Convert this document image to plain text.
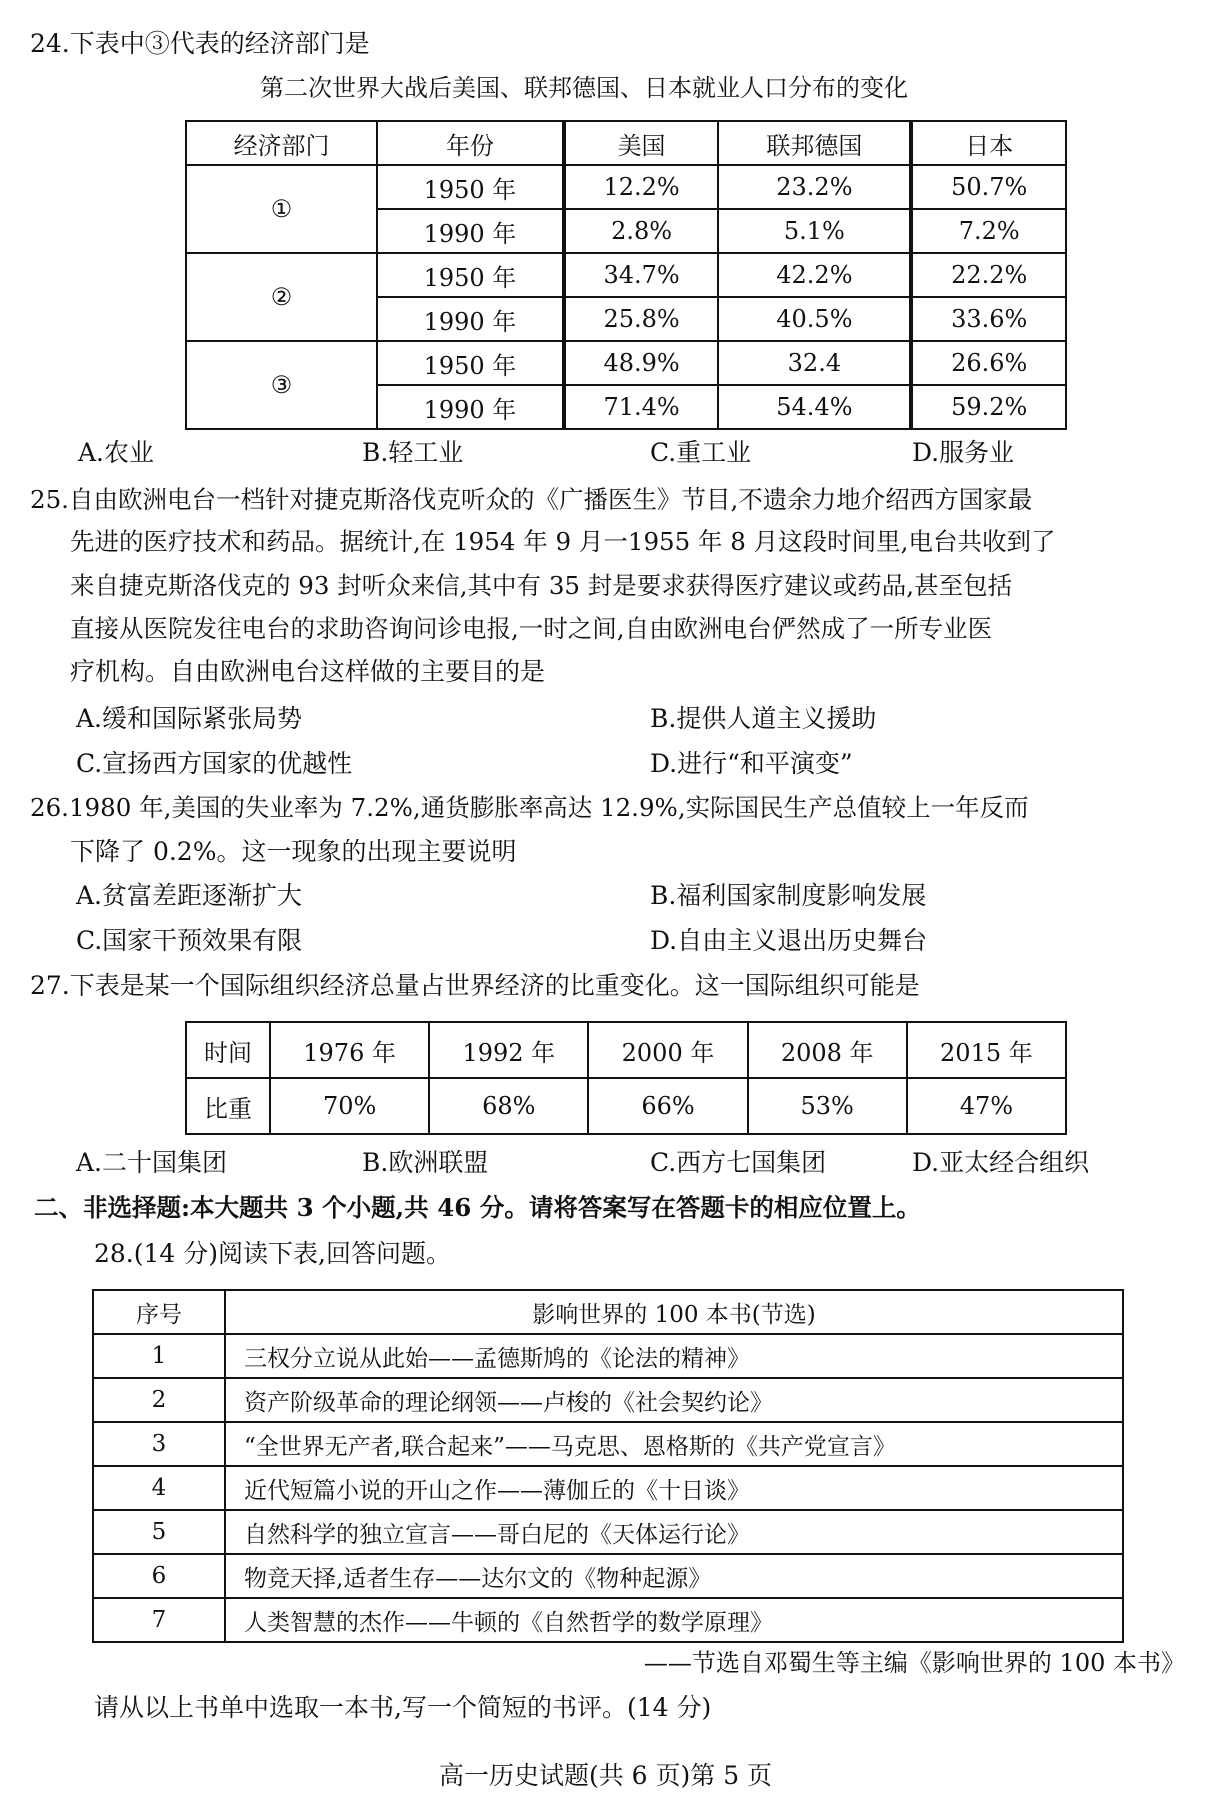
24.下表中③代表的经济部门是
第二次世界大战后美国、联邦德国、日本就业人口分布的变化
经济部门	年份	美国	联邦德国	日本
①	1950 年	12.2%	23.2%	50.7%
	1990 年	2.8%	5.1%	7.2%
②	1950 年	34.7%	42.2%	22.2%
	1990 年	25.8%	40.5%	33.6%
③	1950 年	48.9%	32.4	26.6%
	1990 年	71.4%	54.4%	59.2%
A.农业	B.轻工业	C.重工业	D.服务业
25.自由欧洲电台一档针对捷克斯洛伐克听众的《广播医生》节目,不遗余力地介绍西方国家最
先进的医疗技术和药品。据统计,在 1954 年 9 月一1955 年 8 月这段时间里,电台共收到了
来自捷克斯洛伐克的 93 封听众来信,其中有 35 封是要求获得医疗建议或药品,甚至包括
直接从医院发往电台的求助咨询问诊电报,一时之间,自由欧洲电台俨然成了一所专业医
疗机构。自由欧洲电台这样做的主要目的是
A.缓和国际紧张局势	B.提供人道主义援助
C.宣扬西方国家的优越性	D.进行“和平演变”
26.1980 年,美国的失业率为 7.2%,通货膨胀率高达 12.9%,实际国民生产总值较上一年反而
下降了 0.2%。这一现象的出现主要说明
A.贫富差距逐渐扩大	B.福利国家制度影响发展
C.国家干预效果有限	D.自由主义退出历史舞台
27.下表是某一个国际组织经济总量占世界经济的比重变化。这一国际组织可能是
时间	1976 年	1992 年	2000 年	2008 年	2015 年
比重	70%	68%	66%	53%	47%
A.二十国集团	B.欧洲联盟	C.西方七国集团	D.亚太经合组织
二、非选择题:本大题共 3 个小题,共 46 分。请将答案写在答题卡的相应位置上。
28.(14 分)阅读下表,回答问题。
序号	影响世界的 100 本书(节选)
1	三权分立说从此始——孟德斯鸠的《论法的精神》
2	资产阶级革命的理论纲领——卢梭的《社会契约论》
3	“全世界无产者,联合起来”——马克思、恩格斯的《共产党宣言》
4	近代短篇小说的开山之作——薄伽丘的《十日谈》
5	自然科学的独立宣言——哥白尼的《天体运行论》
6	物竞天择,适者生存——达尔文的《物种起源》
7	人类智慧的杰作——牛顿的《自然哲学的数学原理》
——节选自邓蜀生等主编《影响世界的 100 本书》
请从以上书单中选取一本书,写一个简短的书评。(14 分)
高一历史试题(共 6 页)第 5 页
